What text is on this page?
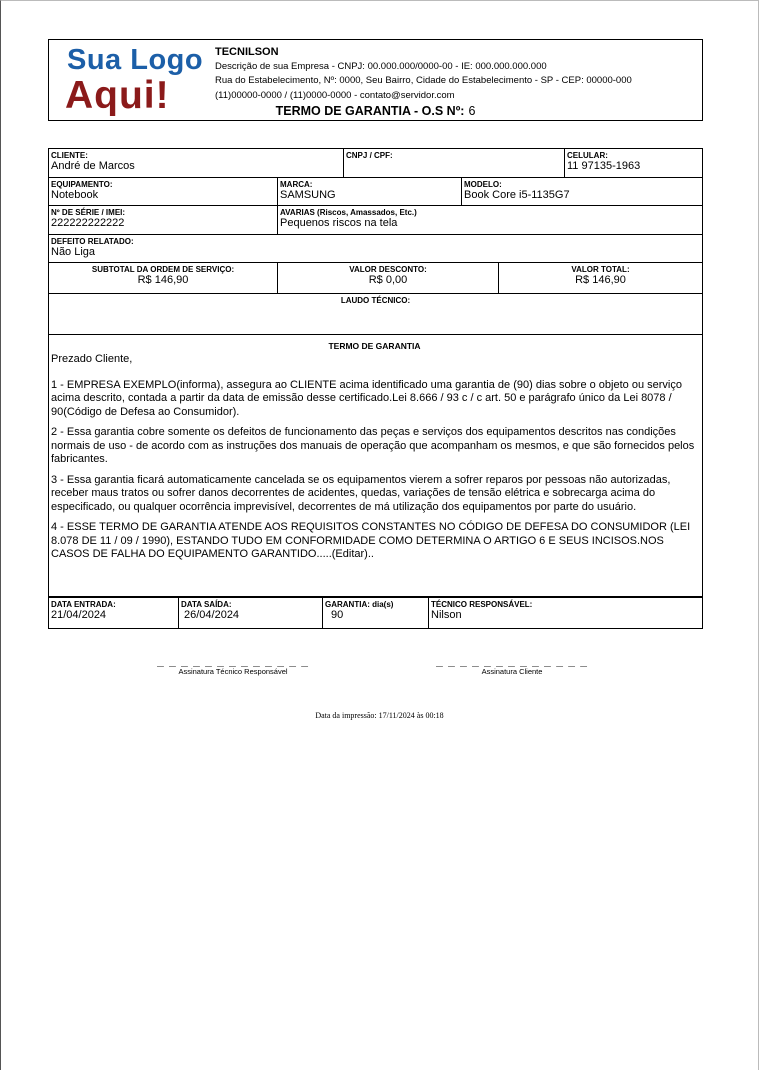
Sua Logo
Aqui!
TECNILSON
Descrição de sua Empresa - CNPJ: 00.000.000/0000-00 - IE: 000.000.000.000
Rua do Estabelecimento, Nº: 0000, Seu Bairro, Cidade do Estabelecimento - SP - CEP: 00000-000
(11)00000-0000 / (11)0000-0000 - contato@servidor.com
TERMO DE GARANTIA - O.S Nº: 6
CLIENTE:
André de Marcos
CNPJ / CPF:	CELULAR:
11 97135-1963
EQUIPAMENTO:
Notebook
MARCA:
SAMSUNG
MODELO:
Book Core i5-1135G7
Nº DE SÉRIE / IMEI:
222222222222
AVARIAS (Riscos, Amassados, Etc.)
Pequenos riscos na tela
DEFEITO RELATADO:
Não Liga
SUBTOTAL DA ORDEM DE SERVIÇO:
R$ 146,90
VALOR DESCONTO:
R$ 0,00
VALOR TOTAL:
R$ 146,90
LAUDO TÉCNICO:
TERMO DE GARANTIA

Prezado Cliente,

1 - EMPRESA EXEMPLO(informa), assegura ao CLIENTE acima identificado uma garantia de (90) dias sobre o objeto ou serviço acima descrito, contada a partir da data de emissão desse certificado.Lei 8.666 / 93 c / c art. 50 e parágrafo único da Lei 8078 / 90(Código de Defesa ao Consumidor).

2 - Essa garantia cobre somente os defeitos de funcionamento das peças e serviços dos equipamentos descritos nas condições normais de uso - de acordo com as instruções dos manuais de operação que acompanham os mesmos, e que são fornecidos pelos fabricantes.

3 - Essa garantia ficará automaticamente cancelada se os equipamentos vierem a sofrer reparos por pessoas não autorizadas, receber maus tratos ou sofrer danos decorrentes de acidentes, quedas, variações de tensão elétrica e sobrecarga acima do especificado, ou qualquer ocorrência imprevisível, decorrentes de má utilização dos equipamentos por parte do usuário.

4 - ESSE TERMO DE GARANTIA ATENDE AOS REQUISITOS CONSTANTES NO CÓDIGO DE DEFESA DO CONSUMIDOR (LEI 8.078 DE 11 / 09 / 1990), ESTANDO TUDO EM CONFORMIDADE COMO DETERMINA O ARTIGO 6 E SEUS INCISOS.NOS CASOS DE FALHA DO EQUIPAMENTO GARANTIDO.....(Editar)..

DATA ENTRADA:
21/04/2024
DATA SAÍDA:
26/04/2024
GARANTIA: dia(s)
90
TÉCNICO RESPONSÁVEL:
Nilson
_ _ _ _ _ _ _ _ _ _ _ _ _
Assinatura Técnico Responsável
_ _ _ _ _ _ _ _ _ _ _ _ _
Assinatura Cliente
Data da impressão: 17/11/2024 às 00:18
